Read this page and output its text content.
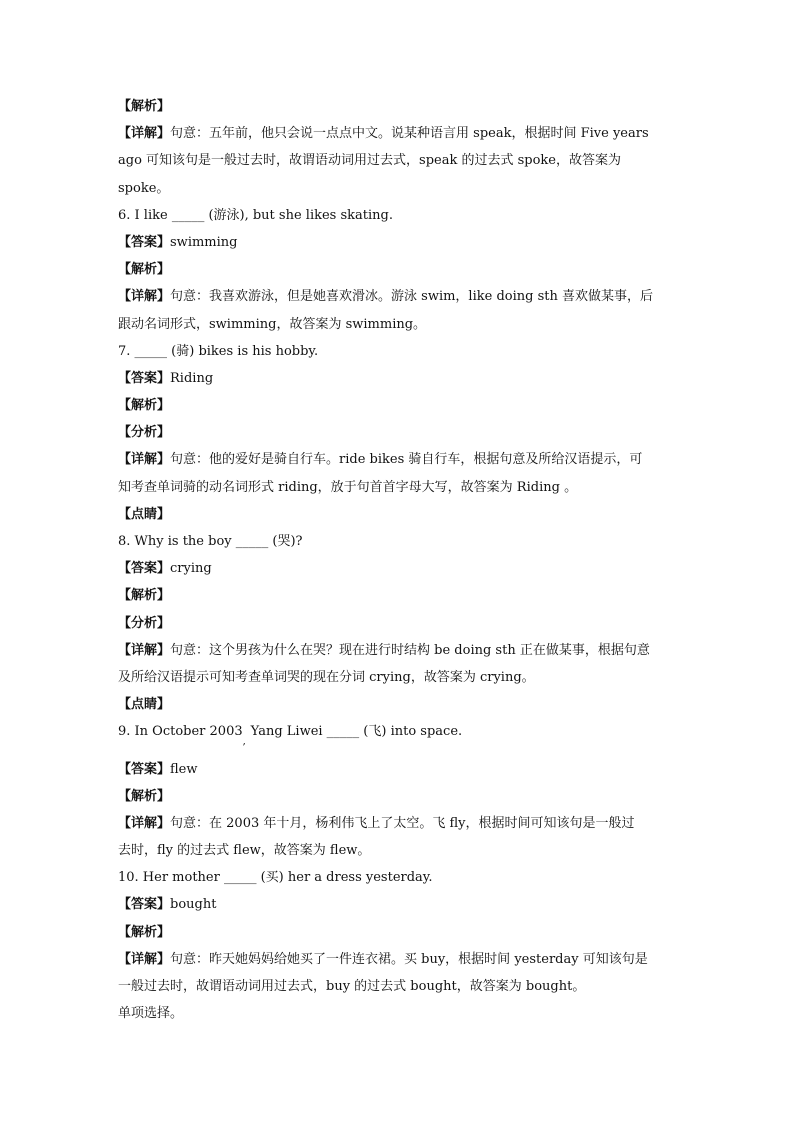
【解析】
【详解】句意：五年前，他只会说一点点中文。说某种语言用 speak，根据时间 Five years
ago 可知该句是一般过去时，故谓语动词用过去式，speak 的过去式 spoke，故答案为
spoke。
6. I like _____ (游泳), but she likes skating.
【答案】swimming
【解析】
【详解】句意：我喜欢游泳，但是她喜欢滑冰。游泳 swim，like doing sth 喜欢做某事，后
跟动名词形式，swimming，故答案为 swimming。
7. _____ (骑) bikes is his hobby.
【答案】Riding
【解析】
【分析】
【详解】句意：他的爱好是骑自行车。ride bikes 骑自行车，根据句意及所给汉语提示，可
知考查单词骑的动名词形式 riding，放于句首首字母大写，故答案为 Riding 。
【点睛】
8. Why is the boy _____ (哭)?
【答案】crying
【解析】
【分析】
【详解】句意：这个男孩为什么在哭？现在进行时结构 be doing sth 正在做某事，根据句意
及所给汉语提示可知考查单词哭的现在分词 crying，故答案为 crying。
【点睛】
9. In October 2003,Yang Liwei _____ (飞) into space.
【答案】flew
【解析】
【详解】句意：在 2003 年十月，杨利伟飞上了太空。飞 fly，根据时间可知该句是一般过
去时，fly 的过去式 flew，故答案为 flew。
10. Her mother _____ (买) her a dress yesterday.
【答案】bought
【解析】
【详解】句意：昨天她妈妈给她买了一件连衣裙。买 buy，根据时间 yesterday 可知该句是
一般过去时，故谓语动词用过去式，buy 的过去式 bought，故答案为 bought。
单项选择。
